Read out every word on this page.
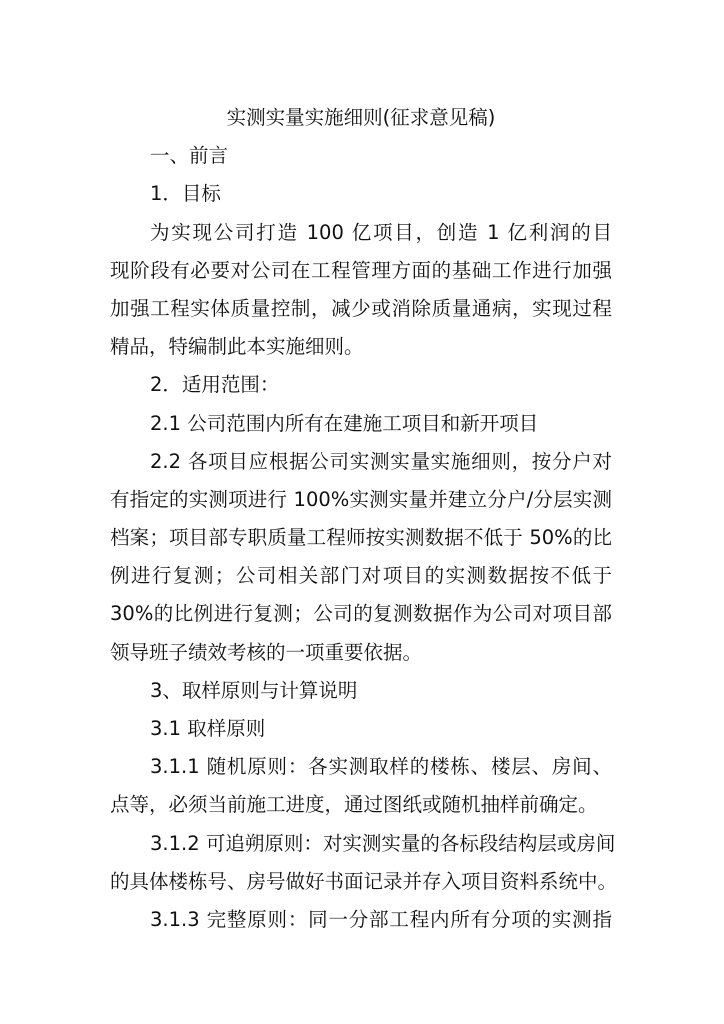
实测实量实施细则(征求意见稿)
一、前言
1．目标
为实现公司打造 100 亿项目，创造 1 亿利润的目
现阶段有必要对公司在工程管理方面的基础工作进行加强
加强工程实体质量控制，减少或消除质量通病，实现过程
精品，特编制此本实施细则。
2．适用范围：
2.1 公司范围内所有在建施工项目和新开项目
2.2 各项目应根据公司实测实量实施细则，按分户对
有指定的实测项进行 100%实测实量并建立分户/分层实测
档案；项目部专职质量工程师按实测数据不低于 50%的比
例进行复测；公司相关部门对项目的实测数据按不低于
30%的比例进行复测；公司的复测数据作为公司对项目部
领导班子绩效考核的一项重要依据。
3、取样原则与计算说明
3.1 取样原则
3.1.1 随机原则：各实测取样的楼栋、楼层、房间、
点等，必须当前施工进度，通过图纸或随机抽样前确定。
3.1.2 可追朔原则：对实测实量的各标段结构层或房间
的具体楼栋号、房号做好书面记录并存入项目资料系统中。
3.1.3 完整原则：同一分部工程内所有分项的实测指
